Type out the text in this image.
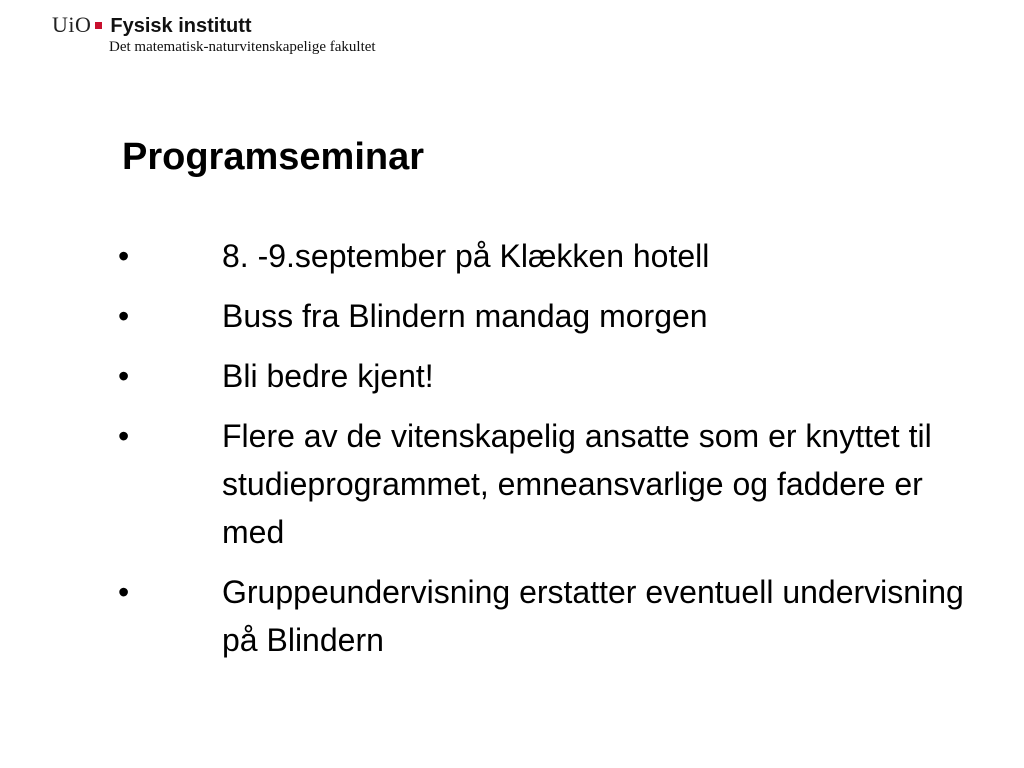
UiO Fysisk institutt
Det matematisk-naturvitenskapelige fakultet
Programseminar
•	8. -9.september på Klækken hotell
•	Buss fra Blindern mandag morgen
•	Bli bedre kjent!
•	Flere av de vitenskapelig ansatte som er knyttet til studieprogrammet, emneansvarlige og faddere er med
•	Gruppeundervisning erstatter eventuell undervisning på Blindern
